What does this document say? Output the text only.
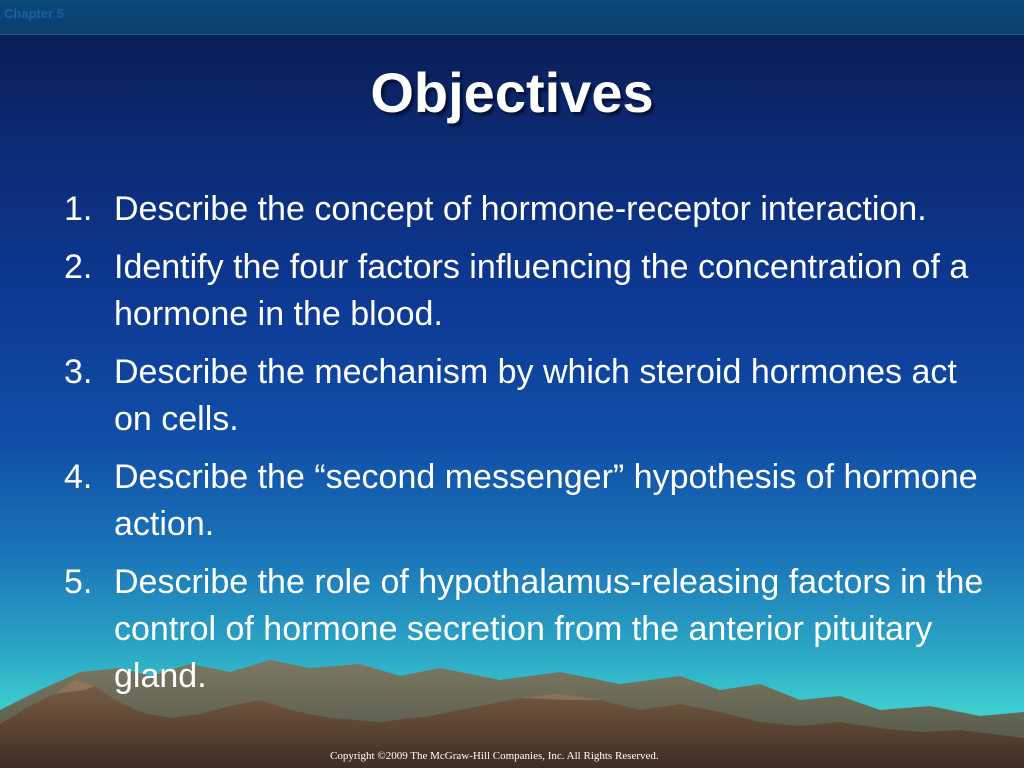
Chapter 5
Objectives
1. Describe the concept of hormone-receptor interaction.
2. Identify the four factors influencing the concentration of a hormone in the blood.
3. Describe the mechanism by which steroid hormones act on cells.
4. Describe the “second messenger” hypothesis of hormone action.
5. Describe the role of hypothalamus-releasing factors in the control of hormone secretion from the anterior pituitary gland.
Copyright ©2009 The McGraw-Hill Companies, Inc. All Rights Reserved.
